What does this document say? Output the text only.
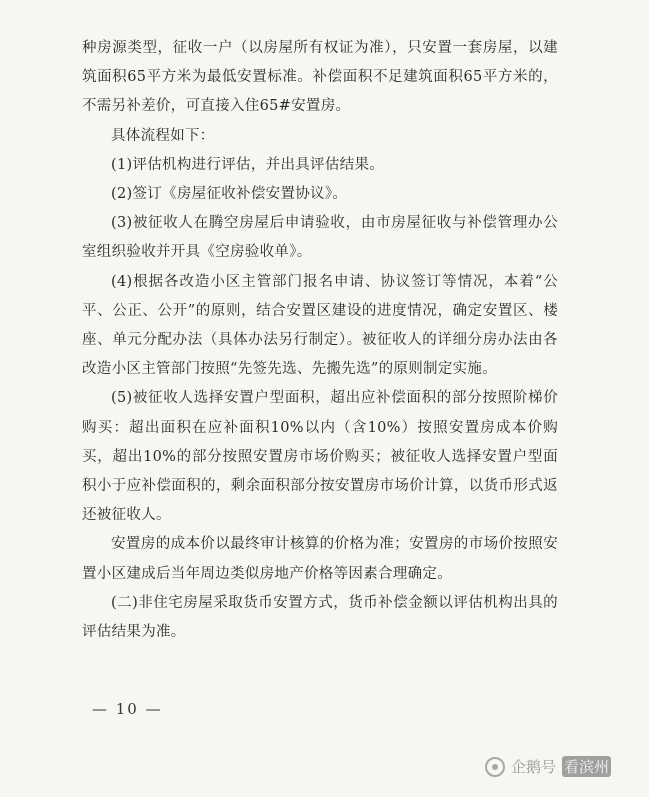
种房源类型，征收一户（以房屋所有权证为准），只安置一套房屋，以建筑面积65平方米为最低安置标准。补偿面积不足建筑面积65平方米的，不需另补差价，可直接入住65#安置房。

具体流程如下：

(1)评估机构进行评估，并出具评估结果。

(2)签订《房屋征收补偿安置协议》。

(3)被征收人在腾空房屋后申请验收，由市房屋征收与补偿管理办公室组织验收并开具《空房验收单》。

(4)根据各改造小区主管部门报名申请、协议签订等情况，本着“公平、公正、公开”的原则，结合安置区建设的进度情况，确定安置区、楼座、单元分配办法（具体办法另行制定）。被征收人的详细分房办法由各改造小区主管部门按照“先签先选、先搬先选”的原则制定实施。

(5)被征收人选择安置户型面积，超出应补偿面积的部分按照阶梯价购买：超出面积在应补面积10%以内（含10%）按照安置房成本价购买，超出10%的部分按照安置房市场价购买；被征收人选择安置户型面积小于应补偿面积的，剩余面积部分按安置房市场价计算，以货币形式返还被征收人。

安置房的成本价以最终审计核算的价格为准；安置房的市场价按照安置小区建成后当年周边类似房地产价格等因素合理确定。

(二)非住宅房屋采取货币安置方式，货币补偿金额以评估机构出具的评估结果为准。

— 10 —
企鹅号 看滨州
